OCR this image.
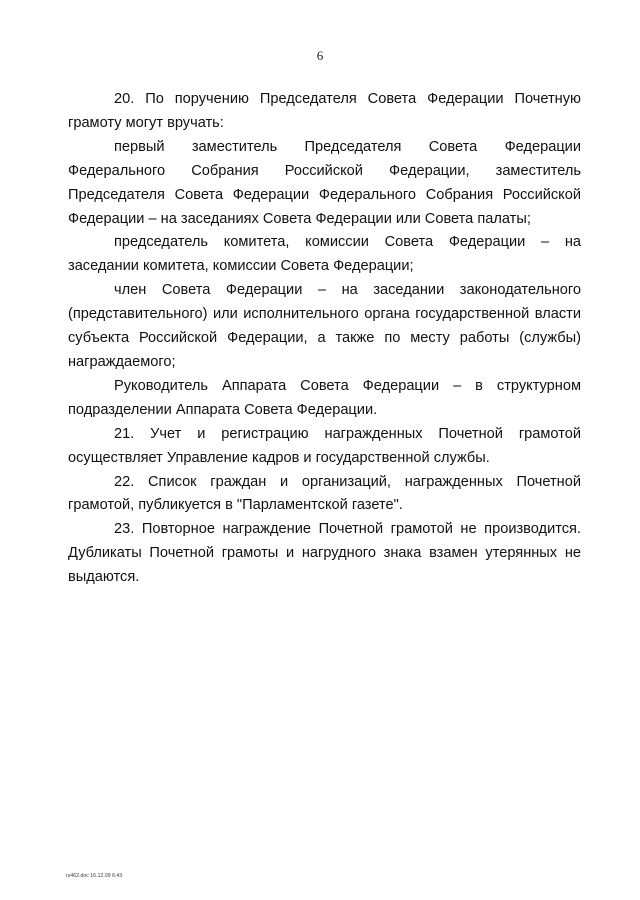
6

20. По поручению Председателя Совета Федерации Почетную грамоту могут вручать:

первый заместитель Председателя Совета Федерации Федерального Собрания Российской Федерации, заместитель Председателя Совета Федерации Федерального Собрания Российской Федерации – на заседаниях Совета Федерации или Совета палаты;

председатель комитета, комиссии Совета Федерации – на заседании комитета, комиссии Совета Федерации;

член Совета Федерации – на заседании законодательного (представительного) или исполнительного органа государственной власти субъекта Российской Федерации, а также по месту работы (службы) награждаемого;

Руководитель Аппарата Совета Федерации – в структурном подразделении Аппарата Совета Федерации.

21. Учет и регистрацию награжденных Почетной грамотой осуществляет Управление кадров и государственной службы.

22. Список граждан и организаций, награжденных Почетной грамотой, публикуется в "Парламентской газете".

23. Повторное награждение Почетной грамотой не производится. Дубликаты Почетной грамоты и нагрудного знака взамен утерянных не выдаются.

rs462.doc 16.12.09 6:43
